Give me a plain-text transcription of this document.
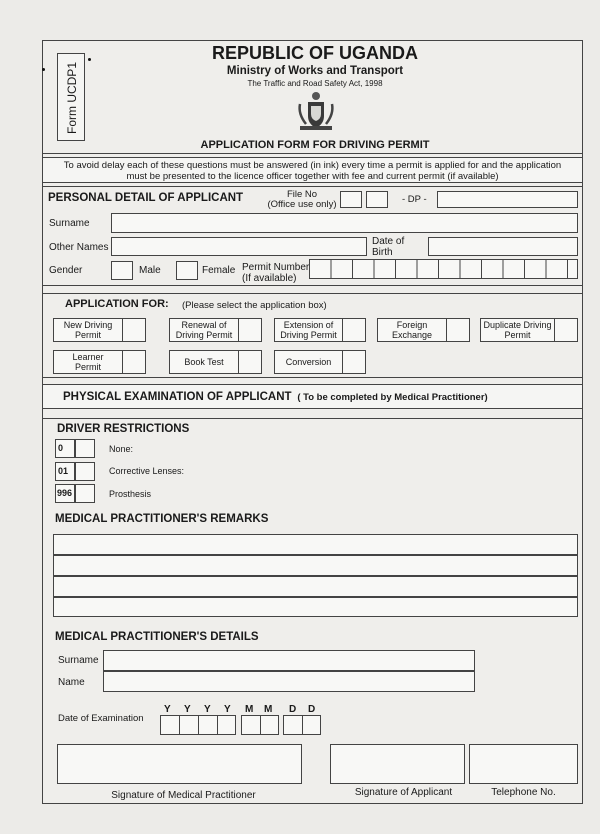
Form UCDP1
REPUBLIC OF UGANDA
Ministry of Works and Transport
The Traffic and Road Safety Act, 1998
APPLICATION FORM FOR DRIVING PERMIT
To avoid delay each of these questions must be answered (in ink) every time a permit is applied for and the application
must be presented to the licence officer together with fee and current permit (if available)
PERSONAL DETAIL OF APPLICANT	File No
(Office use only)	- DP -
Surname
Other Names
Date of
Birth
Gender	Male	Female Permit Number
(If available)
APPLICATION FOR: (Please select the application box)
New Driving
Permit
Renewal of
Driving Permit
Extension of
Driving Permit
Foreign
Exchange
Duplicate Driving
Permit
Learner
Permit	Book Test	Conversion
PHYSICAL EXAMINATION OF APPLICANT ( To be completed by Medical Practitioner)
DRIVER RESTRICTIONS
0	None:
01	Corrective Lenses:
996	Prosthesis
MEDICAL PRACTITIONER'S REMARKS
MEDICAL PRACTITIONER'S DETAILS
Surname
Name
Date of Examination
Y Y Y Y M M D D
Signature of Medical Practitioner	Signature of Applicant	Telephone No.
